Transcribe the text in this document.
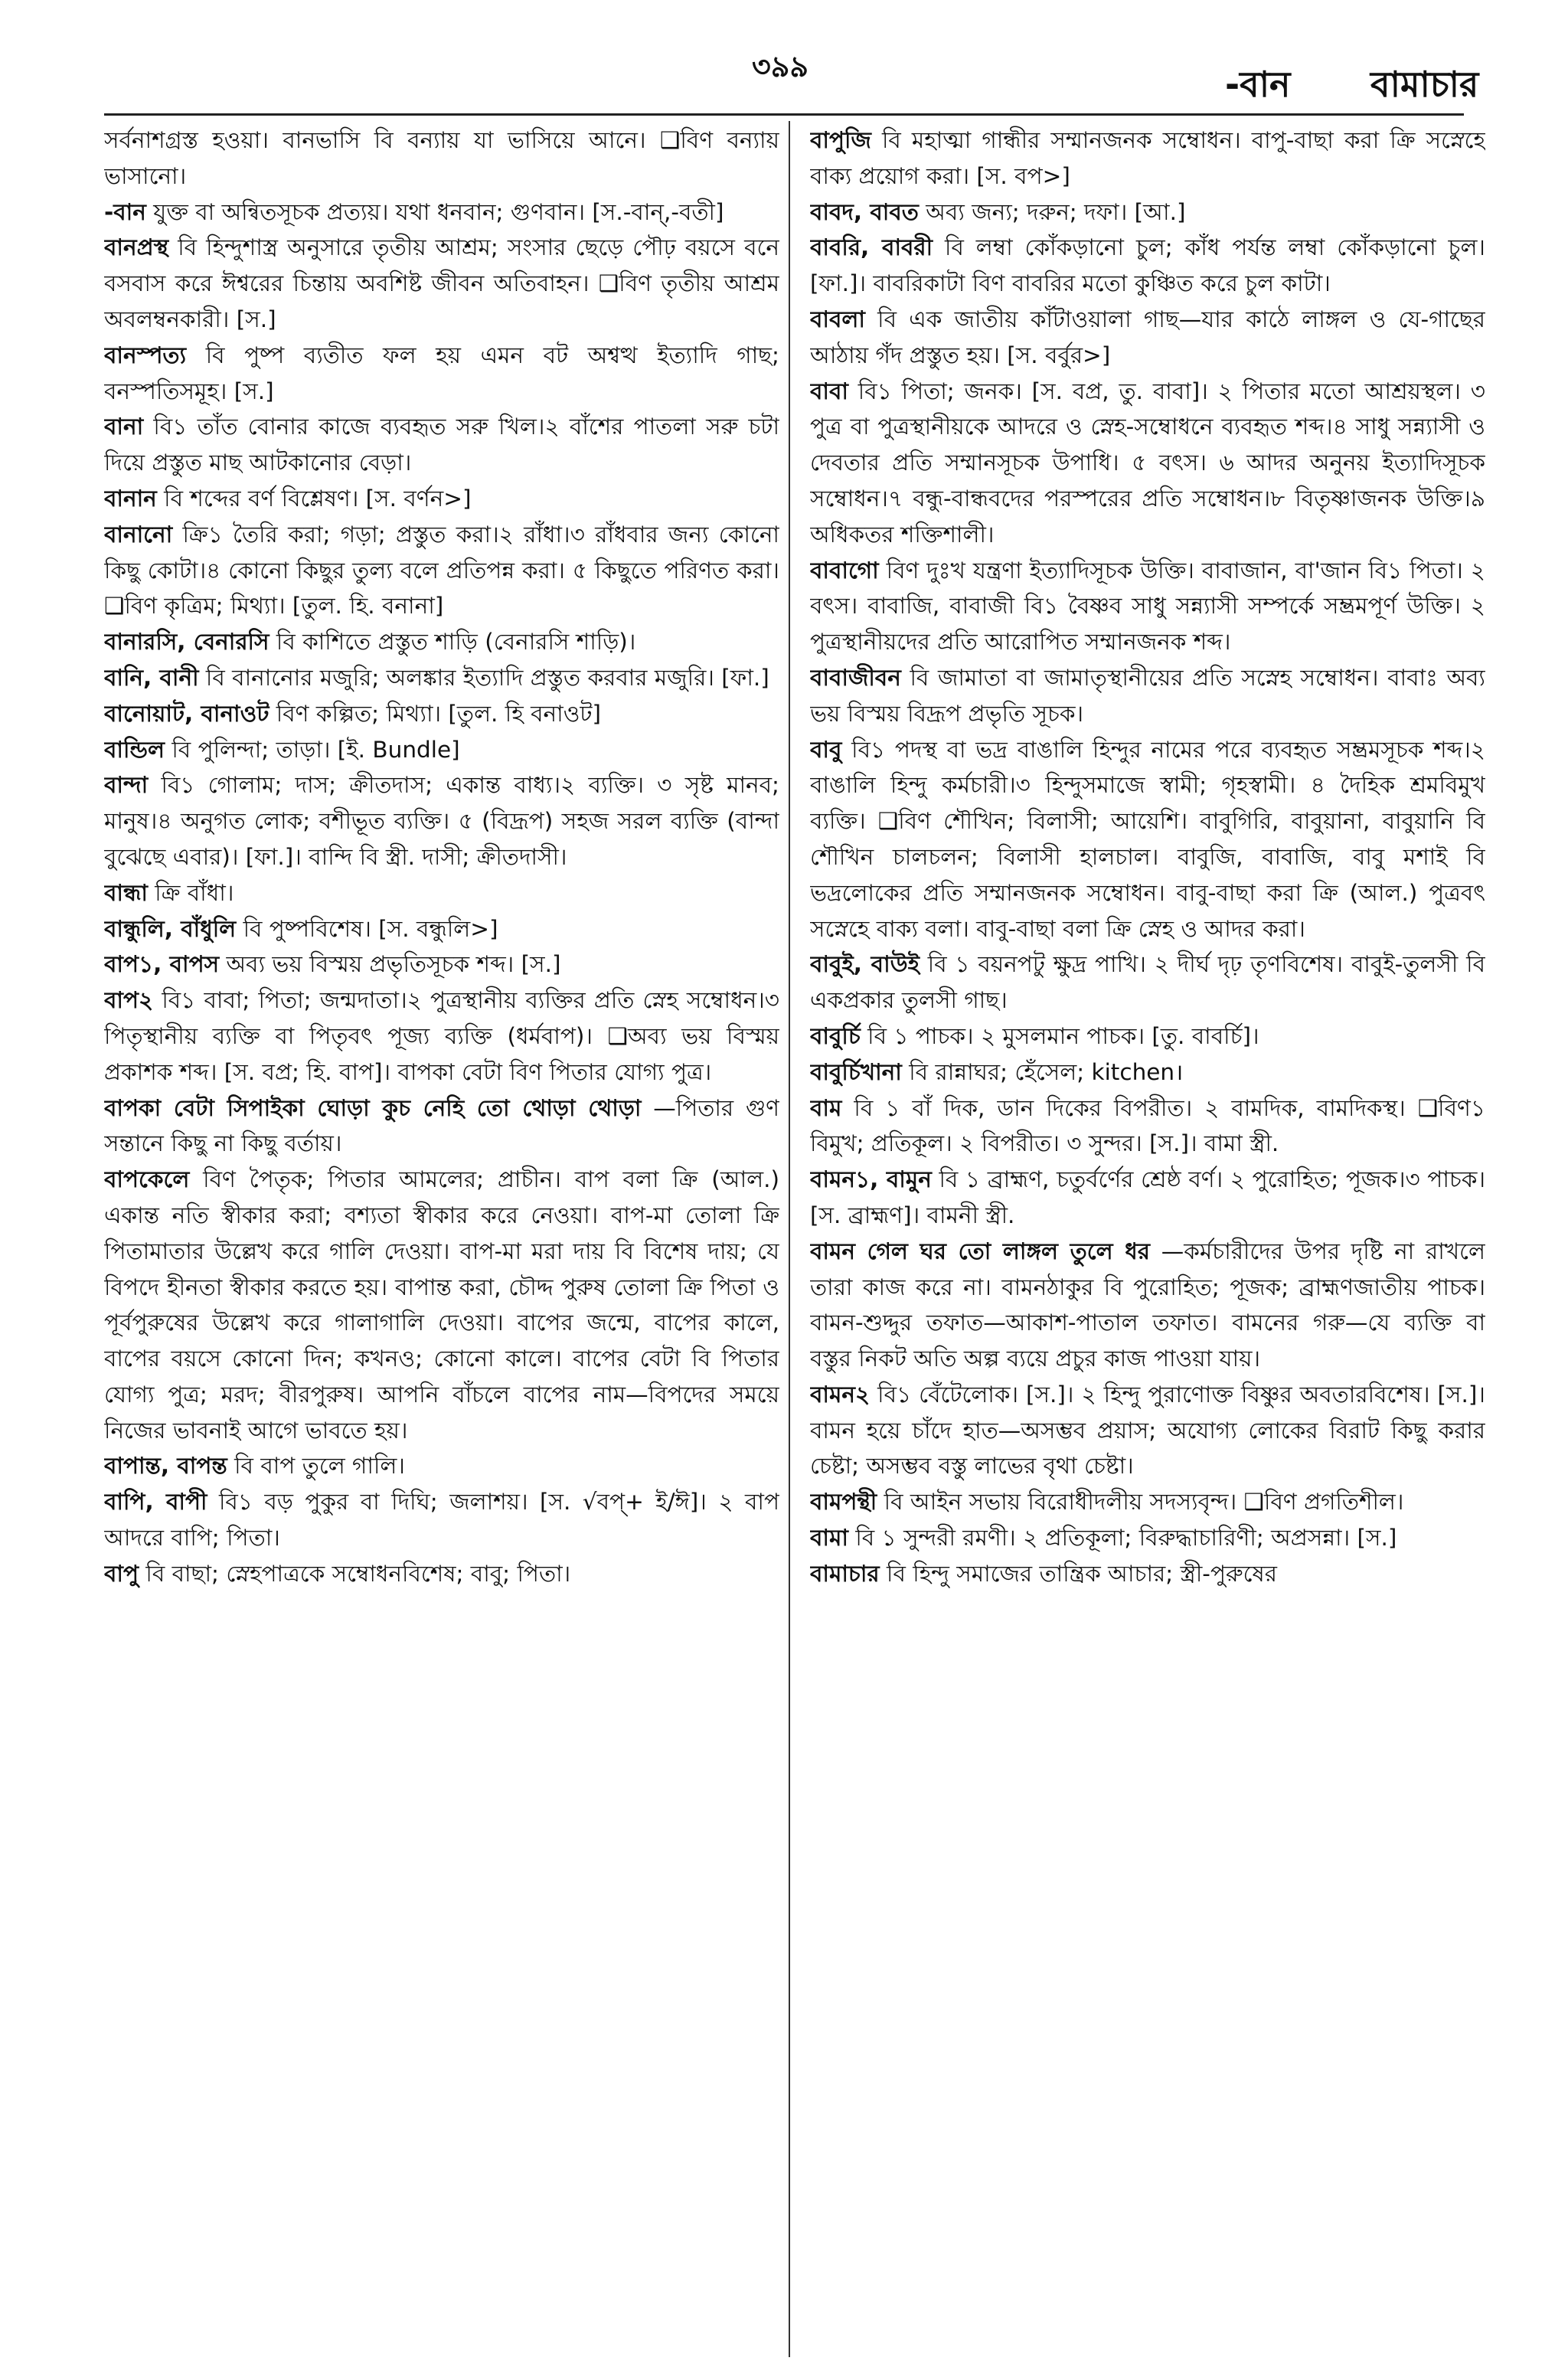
৩৯৯	-বান বামাচার

সর্বনাশগ্রস্ত হওয়া। বানভাসি বি বন্যায় যা ভাসিয়ে আনে। ❑বিণ বন্যায় ভাসানো।

-বান যুক্ত বা অন্বিতসূচক প্রত্যয়। যথা ধনবান; গুণবান। [স.-বান্,-বতী]

বানপ্রস্থ বি হিন্দুশাস্ত্র অনুসারে তৃতীয় আশ্রম; সংসার ছেড়ে পৌঢ় বয়সে বনে বসবাস করে ঈশ্বরের চিন্তায় অবশিষ্ট জীবন অতিবাহন। ❑বিণ তৃতীয় আশ্রম অবলম্বনকারী। [স.]

বানস্পত্য বি পুষ্প ব্যতীত ফল হয় এমন বট অশ্বত্থ ইত্যাদি গাছ; বনস্পতিসমূহ। [স.]

বানা বি১ তাঁত বোনার কাজে ব্যবহৃত সরু খিল।২ বাঁশের পাতলা সরু চটা দিয়ে প্রস্তুত মাছ আটকানোর বেড়া।

বানান বি শব্দের বর্ণ বিশ্লেষণ। [স. বর্ণন>]

বানানো ক্রি১ তৈরি করা; গড়া; প্রস্তুত করা।২ রাঁধা।৩ রাঁধবার জন্য কোনো কিছু কোটা।৪ কোনো কিছুর তুল্য বলে প্রতিপন্ন করা। ৫ কিছুতে পরিণত করা। ❑বিণ কৃত্রিম; মিথ্যা। [তুল. হি. বনানা]

বানারসি, বেনারসি বি কাশিতে প্রস্তুত শাড়ি (বেনারসি শাড়ি)।

বানি, বানী বি বানানোর মজুরি; অলঙ্কার ইত্যাদি প্রস্তুত করবার মজুরি। [ফা.]

বানোয়াট, বানাওট বিণ কল্পিত; মিথ্যা। [তুল. হি বনাওট]

বান্ডিল বি পুলিন্দা; তাড়া। [ই. Bundle]

বান্দা বি১ গোলাম; দাস; ক্রীতদাস; একান্ত বাধ্য।২ ব্যক্তি। ৩ সৃষ্ট মানব; মানুষ।৪ অনুগত লোক; বশীভূত ব্যক্তি। ৫ (বিদ্রূপ) সহজ সরল ব্যক্তি (বান্দা বুঝেছে এবার)। [ফা.]। বান্দি বি স্ত্রী. দাসী; ক্রীতদাসী।

বান্ধা ক্রি বাঁধা।

বান্ধুলি, বাঁধুলি বি পুষ্পবিশেষ। [স. বন্ধুলি>]

বাপ১, বাপস অব্য ভয় বিস্ময় প্রভৃতিসূচক শব্দ। [স.]

বাপ২ বি১ বাবা; পিতা; জন্মদাতা।২ পুত্রস্থানীয় ব্যক্তির প্রতি স্নেহ সম্বোধন।৩ পিতৃস্থানীয় ব্যক্তি বা পিতৃবৎ পূজ্য ব্যক্তি (ধর্মবাপ)। ❑অব্য ভয় বিস্ময় প্রকাশক শব্দ। [স. বপ্র; হি. বাপ]। বাপকা বেটা বিণ পিতার যোগ্য পুত্র।

বাপকা বেটা সিপাইকা ঘোড়া কুচ নেহি তো থোড়া থোড়া —পিতার গুণ সন্তানে কিছু না কিছু বর্তায়।

বাপকেলে বিণ পৈতৃক; পিতার আমলের; প্রাচীন। বাপ বলা ক্রি (আল.) একান্ত নতি স্বীকার করা; বশ্যতা স্বীকার করে নেওয়া। বাপ-মা তোলা ক্রি পিতামাতার উল্লেখ করে গালি দেওয়া। বাপ-মা মরা দায় বি বিশেষ দায়; যে বিপদে হীনতা স্বীকার করতে হয়। বাপান্ত করা, চৌদ্দ পুরুষ তোলা ক্রি পিতা ও পূর্বপুরুষের উল্লেখ করে গালাগালি দেওয়া। বাপের জন্মে, বাপের কালে, বাপের বয়সে কোনো দিন; কখনও; কোনো কালে। বাপের বেটা বি পিতার যোগ্য পুত্র; মরদ; বীরপুরুষ। আপনি বাঁচলে বাপের নাম—বিপদের সময়ে নিজের ভাবনাই আগে ভাবতে হয়।

বাপান্ত, বাপন্ত বি বাপ তুলে গালি।

বাপি, বাপী বি১ বড় পুকুর বা দিঘি; জলাশয়। [স. √বপ্+ ই/ঈ]। ২ বাপ আদরে বাপি; পিতা।

বাপু বি বাছা; স্নেহপাত্রকে সম্বোধনবিশেষ; বাবু; পিতা।

বাপুজি বি মহাত্মা গান্ধীর সম্মানজনক সম্বোধন। বাপু-বাছা করা ক্রি সস্নেহে বাক্য প্রয়োগ করা। [স. বপ>]

বাবদ, বাবত অব্য জন্য; দরুন; দফা। [আ.]

বাবরি, বাবরী বি লম্বা কোঁকড়ানো চুল; কাঁধ পর্যন্ত লম্বা কোঁকড়ানো চুল। [ফা.]। বাবরিকাটা বিণ বাবরির মতো কুঞ্চিত করে চুল কাটা।

বাবলা বি এক জাতীয় কাঁটাওয়ালা গাছ—যার কাঠে লাঙ্গল ও যে-গাছের আঠায় গঁদ প্রস্তুত হয়। [স. বর্বুর>]

বাবা বি১ পিতা; জনক। [স. বপ্র, তু. বাবা]। ২ পিতার মতো আশ্রয়স্থল। ৩ পুত্র বা পুত্রস্থানীয়কে আদরে ও স্নেহ-সম্বোধনে ব্যবহৃত শব্দ।৪ সাধু সন্ন্যাসী ও দেবতার প্রতি সম্মানসূচক উপাধি। ৫ বৎস। ৬ আদর অনুনয় ইত্যাদিসূচক সম্বোধন।৭ বন্ধু-বান্ধবদের পরস্পরের প্রতি সম্বোধন।৮ বিতৃষ্ণাজনক উক্তি।৯ অধিকতর শক্তিশালী।

বাবাগো বিণ দুঃখ যন্ত্রণা ইত্যাদিসূচক উক্তি। বাবাজান, বা'জান বি১ পিতা। ২ বৎস। বাবাজি, বাবাজী বি১ বৈষ্ণব সাধু সন্ন্যাসী সম্পর্কে সম্ভ্রমপূর্ণ উক্তি। ২ পুত্রস্থানীয়দের প্রতি আরোপিত সম্মানজনক শব্দ।

বাবাজীবন বি জামাতা বা জামাতৃস্থানীয়ের প্রতি সস্নেহ সম্বোধন। বাবাঃ অব্য ভয় বিস্ময় বিদ্রূপ প্রভৃতি সূচক।

বাবু বি১ পদস্থ বা ভদ্র বাঙালি হিন্দুর নামের পরে ব্যবহৃত সম্ভ্রমসূচক শব্দ।২ বাঙালি হিন্দু কর্মচারী।৩ হিন্দুসমাজে স্বামী; গৃহস্বামী। ৪ দৈহিক শ্রমবিমুখ ব্যক্তি। ❑বিণ শৌখিন; বিলাসী; আয়েশি। বাবুগিরি, বাবুয়ানা, বাবুয়ানি বি শৌখিন চালচলন; বিলাসী হালচাল। বাবুজি, বাবাজি, বাবু মশাই বি ভদ্রলোকের প্রতি সম্মানজনক সম্বোধন। বাবু-বাছা করা ক্রি (আল.) পুত্রবৎ সস্নেহে বাক্য বলা। বাবু-বাছা বলা ক্রি স্নেহ ও আদর করা।

বাবুই, বাউই বি ১ বয়নপটু ক্ষুদ্র পাখি। ২ দীর্ঘ দৃঢ় তৃণবিশেষ। বাবুই-তুলসী বি একপ্রকার তুলসী গাছ।

বাবুর্চি বি ১ পাচক। ২ মুসলমান পাচক। [তু. বাবর্চি]।

বাবুর্চিখানা বি রান্নাঘর; হেঁসেল; kitchen।

বাম বি ১ বাঁ দিক, ডান দিকের বিপরীত। ২ বামদিক, বামদিকস্থ। ❑বিণ১ বিমুখ; প্রতিকূল। ২ বিপরীত। ৩ সুন্দর। [স.]। বামা স্ত্রী.

বামন১, বামুন বি ১ ব্রাহ্মণ, চতুর্বর্ণের শ্রেষ্ঠ বর্ণ। ২ পুরোহিত; পূজক।৩ পাচক। [স. ব্রাহ্মণ]। বামনী স্ত্রী.

বামন গেল ঘর তো লাঙ্গল তুলে ধর —কর্মচারীদের উপর দৃষ্টি না রাখলে তারা কাজ করে না। বামনঠাকুর বি পুরোহিত; পূজক; ব্রাহ্মণজাতীয় পাচক। বামন-শুদ্দুর তফাত—আকাশ-পাতাল তফাত। বামনের গরু—যে ব্যক্তি বা বস্তুর নিকট অতি অল্প ব্যয়ে প্রচুর কাজ পাওয়া যায়।

বামন২ বি১ বেঁটেলোক। [স.]। ২ হিন্দু পুরাণোক্ত বিষ্ণুর অবতারবিশেষ। [স.]। বামন হয়ে চাঁদে হাত—অসম্ভব প্রয়াস; অযোগ্য লোকের বিরাট কিছু করার চেষ্টা; অসম্ভব বস্তু লাভের বৃথা চেষ্টা।

বামপন্থী বি আইন সভায় বিরোধীদলীয় সদস্যবৃন্দ। ❑বিণ প্রগতিশীল।

বামা বি ১ সুন্দরী রমণী। ২ প্রতিকূলা; বিরুদ্ধাচারিণী; অপ্রসন্না। [স.]

বামাচার বি হিন্দু সমাজের তান্ত্রিক আচার; স্ত্রী-পুরুষের
